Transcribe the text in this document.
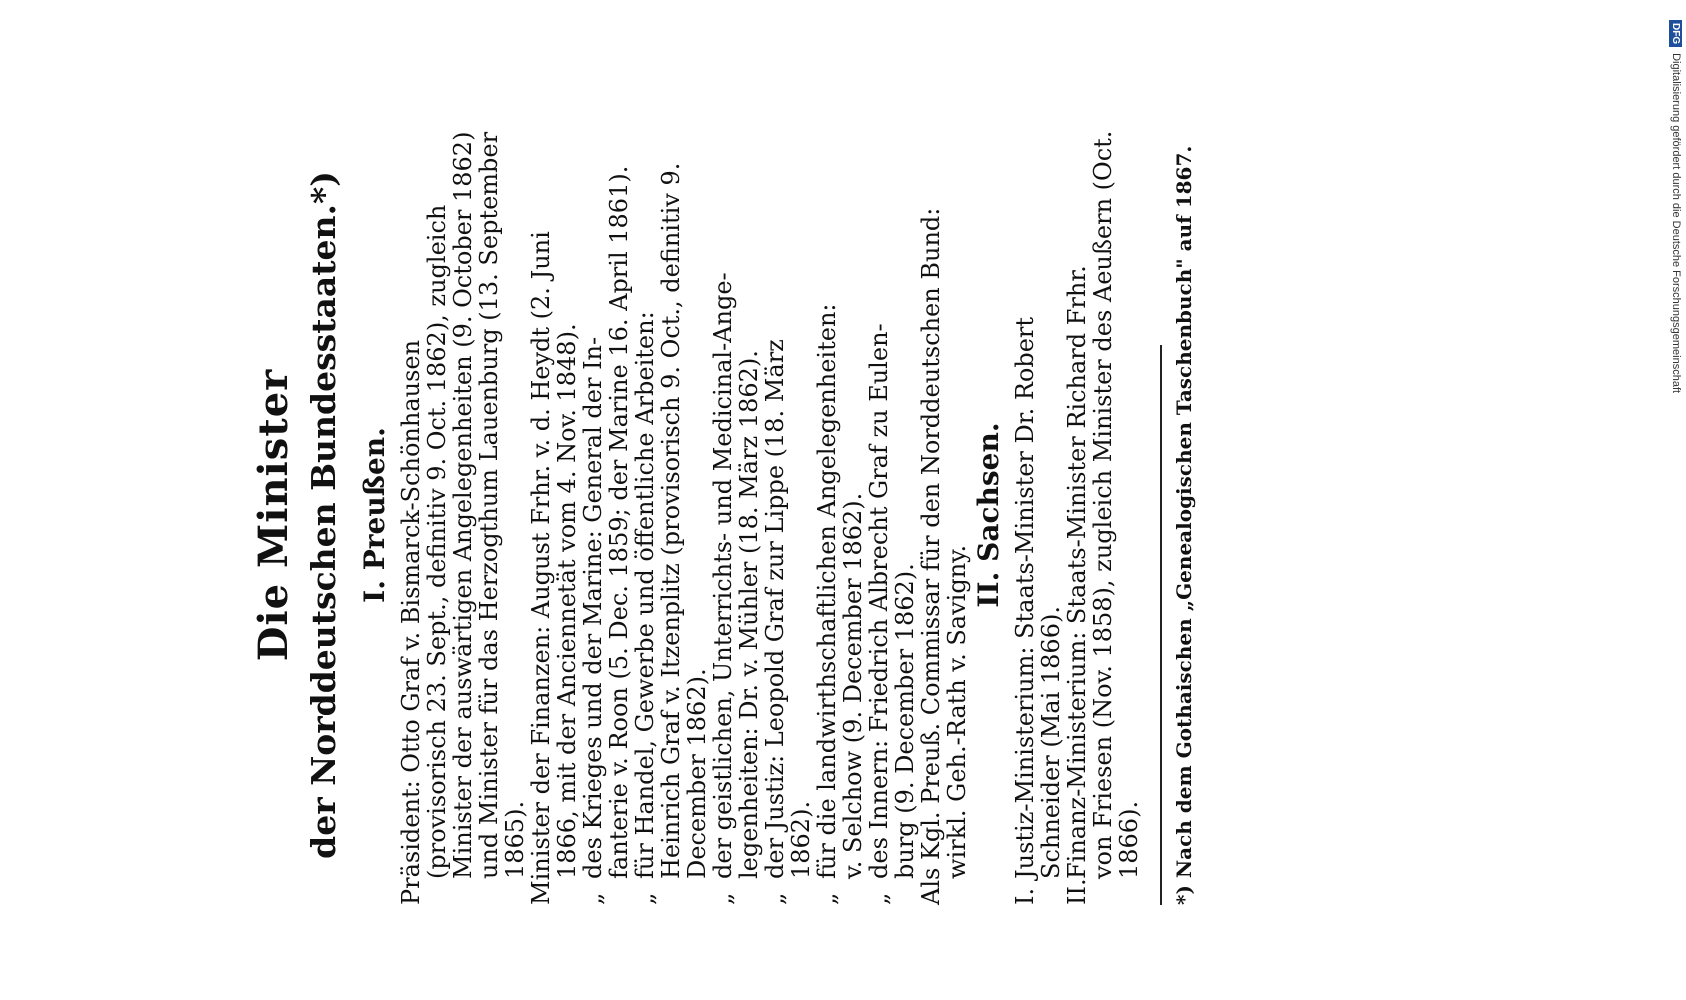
Die Minister der Norddeutschen Bundesstaaten.*) I. Preußen. Präsident: Otto Graf v. Bismarck-Schönhausen
(provisorisch 23. Sept., definitiv 9. Oct. 1862), zugleich Minister der auswärtigen Angelegenheiten (9. October 1862) und Minister für das Herzogthum Lauenburg (13. September 1865).

Minister der Finanzen: August Frhr. v. d. Heydt (2. Juni
1866, mit der Anciennetät vom 4. Nov. 1848).

„des Krieges und der Marine: General der In-
fanterie v. Roon (5. Dec. 1859; der Marine 16. April 1861).

„für Handel, Gewerbe und öffentliche Arbeiten:
Heinrich Graf v. Itzenplitz (provisorisch 9. Oct., definitiv 9. December 1862).

„der geistlichen, Unterrichts- und Medicinal-Ange-
legenheiten: Dr. v. Mühler (18. März 1862).

„der Justiz: Leopold Graf zur Lippe (18. März
1862).

„für die landwirthschaftlichen Angelegenheiten:
v. Selchow (9. December 1862).

„des Innern: Friedrich Albrecht Graf zu Eulen-
burg (9. December 1862).

Als Kgl. Preuß. Commissar für den Norddeutschen Bund:
wirkl. Geh.-Rath v. Savigny.

II. Sachsen.

I.Justiz-Ministerium: Staats-Minister Dr. Robert
Schneider (Mai 1866).

II.Finanz-Ministerium: Staats-Minister Richard Frhr.
von Friesen (Nov. 1858), zugleich Minister des Aeußern (Oct. 1866). *) Nach dem Gothaischen „Genealogischen Taschenbuch" auf 1867.
DFGDigitalisierung gefördert durch die Deutsche Forschungsgemeinschaft
